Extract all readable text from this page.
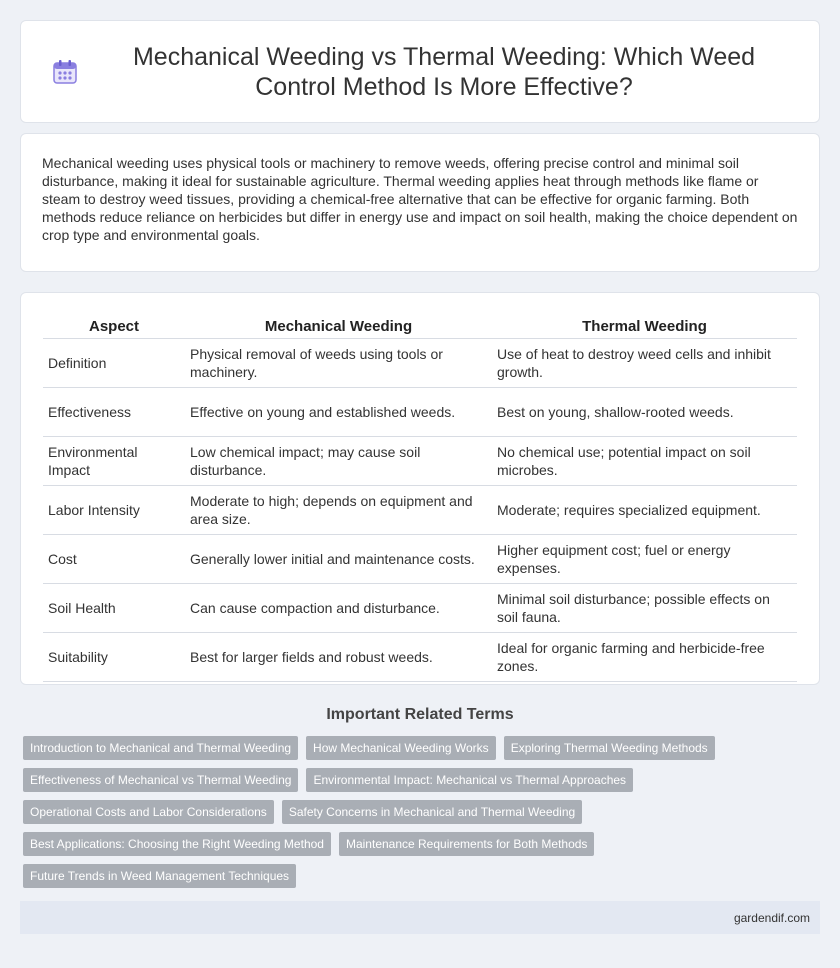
Mechanical Weeding vs Thermal Weeding: Which Weed Control Method Is More Effective?

Mechanical weeding uses physical tools or machinery to remove weeds, offering precise control and minimal soil disturbance, making it ideal for sustainable agriculture. Thermal weeding applies heat through methods like flame or steam to destroy weed tissues, providing a chemical-free alternative that can be effective for organic farming. Both methods reduce reliance on herbicides but differ in energy use and impact on soil health, making the choice dependent on crop type and environmental goals.

Aspect	Mechanical Weeding	Thermal Weeding
Definition	Physical removal of weeds using tools or machinery.	Use of heat to destroy weed cells and inhibit growth.
Effectiveness	Effective on young and established weeds.	Best on young, shallow-rooted weeds.
Environmental Impact	Low chemical impact; may cause soil disturbance.	No chemical use; potential impact on soil microbes.
Labor Intensity	Moderate to high; depends on equipment and area size.	Moderate; requires specialized equipment.
Cost	Generally lower initial and maintenance costs.	Higher equipment cost; fuel or energy expenses.
Soil Health	Can cause compaction and disturbance.	Minimal soil disturbance; possible effects on soil fauna.
Suitability	Best for larger fields and robust weeds.	Ideal for organic farming and herbicide-free zones.
Important Related Terms
Introduction to Mechanical and Thermal Weeding	How Mechanical Weeding Works	Exploring Thermal Weeding Methods
Effectiveness of Mechanical vs Thermal Weeding	Environmental Impact: Mechanical vs Thermal Approaches
Operational Costs and Labor Considerations	Safety Concerns in Mechanical and Thermal Weeding
Best Applications: Choosing the Right Weeding Method	Maintenance Requirements for Both Methods
Future Trends in Weed Management Techniques
gardendif.com
